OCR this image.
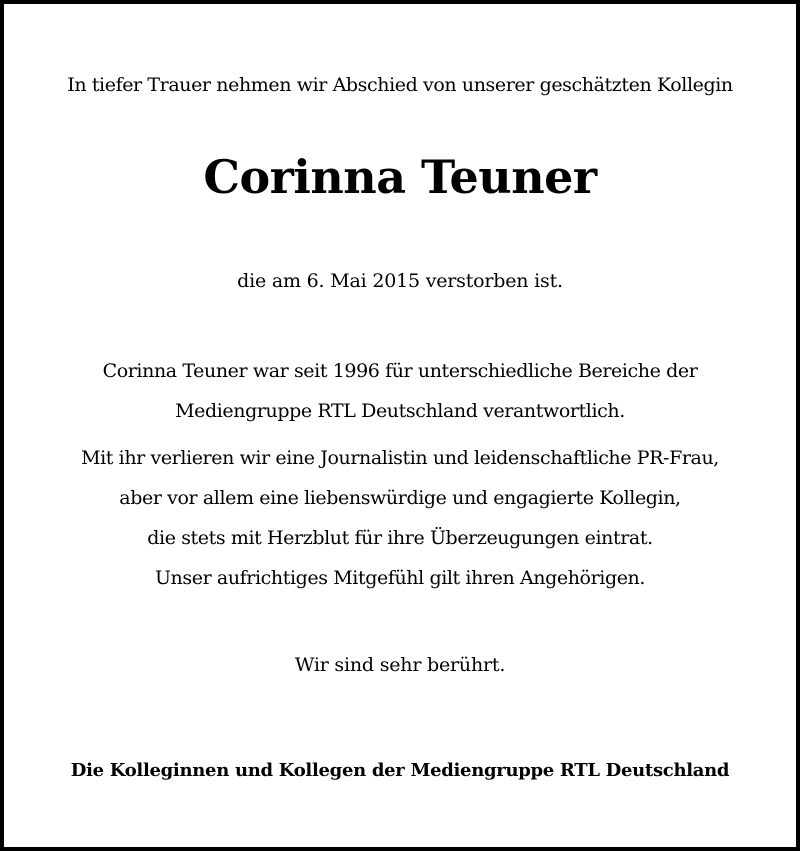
In tiefer Trauer nehmen wir Abschied von unserer geschätzten Kollegin
Corinna Teuner
die am 6. Mai 2015 verstorben ist.
Corinna Teuner war seit 1996 für unterschiedliche Bereiche der
Mediengruppe RTL Deutschland verantwortlich.
Mit ihr verlieren wir eine Journalistin und leidenschaftliche PR-Frau,
aber vor allem eine liebenswürdige und engagierte Kollegin,
die stets mit Herzblut für ihre Überzeugungen eintrat.
Unser aufrichtiges Mitgefühl gilt ihren Angehörigen.
Wir sind sehr berührt.
Die Kolleginnen und Kollegen der Mediengruppe RTL Deutschland
